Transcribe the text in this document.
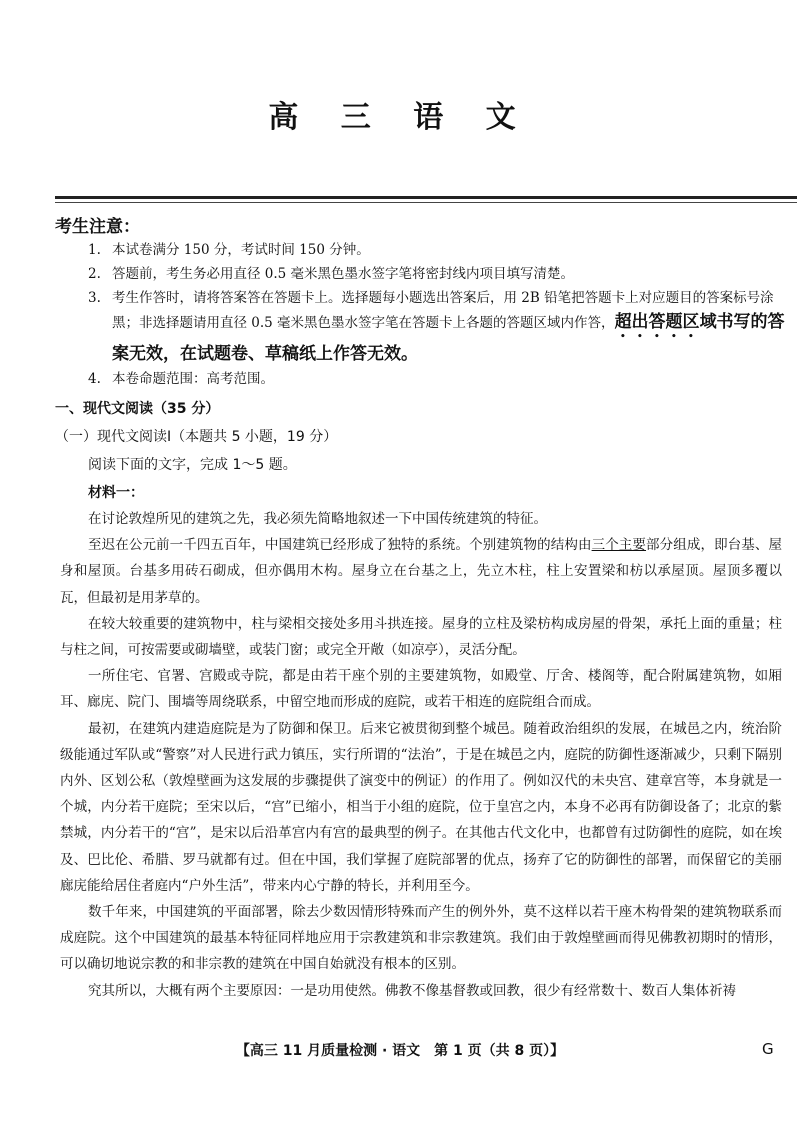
高 三 语 文
考生注意：
1. 本试卷满分 150 分，考试时间 150 分钟。
2. 答题前，考生务必用直径 0.5 毫米黑色墨水签字笔将密封线内项目填写清楚。
3. 考生作答时，请将答案答在答题卡上。选择题每小题选出答案后，用 2B 铅笔把答题卡上对应题目的答案标号涂黑；非选择题请用直径 0.5 毫米黑色墨水签字笔在答题卡上各题的答题区域内作答，超出答题区域书写的答案无效，在试题卷、草稿纸上作答无效。
4. 本卷命题范围：高考范围。
一、现代文阅读（35 分）
（一）现代文阅读Ⅰ（本题共 5 小题，19 分）
阅读下面的文字，完成 1～5 题。
材料一：

在讨论敦煌所见的建筑之先，我必须先简略地叙述一下中国传统建筑的特征。

至迟在公元前一千四五百年，中国建筑已经形成了独特的系统。个别建筑物的结构由三个主要部分组成，即台基、屋身和屋顶。台基多用砖石砌成，但亦偶用木构。屋身立在台基之上，先立木柱，柱上安置梁和枋以承屋顶。屋顶多覆以瓦，但最初是用茅草的。

在较大较重要的建筑物中，柱与梁相交接处多用斗拱连接。屋身的立柱及梁枋构成房屋的骨架，承托上面的重量；柱与柱之间，可按需要或砌墙壁，或装门窗；或完全开敞（如凉亭），灵活分配。

一所住宅、官署、宫殿或寺院，都是由若干座个别的主要建筑物，如殿堂、厅舍、楼阁等，配合附属建筑物，如厢耳、廊庑、院门、围墙等周绕联系，中留空地而形成的庭院，或若干相连的庭院组合而成。

最初，在建筑内建造庭院是为了防御和保卫。后来它被贯彻到整个城邑。随着政治组织的发展，在城邑之内，统治阶级能通过军队或“警察”对人民进行武力镇压，实行所谓的“法治”，于是在城邑之内，庭院的防御性逐渐减少，只剩下隔别内外、区划公私（敦煌壁画为这发展的步骤提供了演变中的例证）的作用了。例如汉代的未央宫、建章宫等，本身就是一个城，内分若干庭院；至宋以后，“宫”已缩小，相当于小组的庭院，位于皇宫之内，本身不必再有防御设备了；北京的紫禁城，内分若干的“宫”，是宋以后沿革宫内有宫的最典型的例子。在其他古代文化中，也都曾有过防御性的庭院，如在埃及、巴比伦、希腊、罗马就都有过。但在中国，我们掌握了庭院部署的优点，扬弃了它的防御性的部署，而保留它的美丽廊庑能给居住者庭内“户外生活”，带来内心宁静的特长，并利用至今。

数千年来，中国建筑的平面部署，除去少数因情形特殊而产生的例外外，莫不这样以若干座木构骨架的建筑物联系而成庭院。这个中国建筑的最基本特征同样地应用于宗教建筑和非宗教建筑。我们由于敦煌壁画而得见佛教初期时的情形，可以确切地说宗教的和非宗教的建筑在中国自始就没有根本的区别。

究其所以，大概有两个主要原因：一是功用使然。佛教不像基督教或回教，很少有经常数十、数百人集体祈祷

【高三 11 月质量检测 · 语文　第 1 页（共 8 页）】	G
